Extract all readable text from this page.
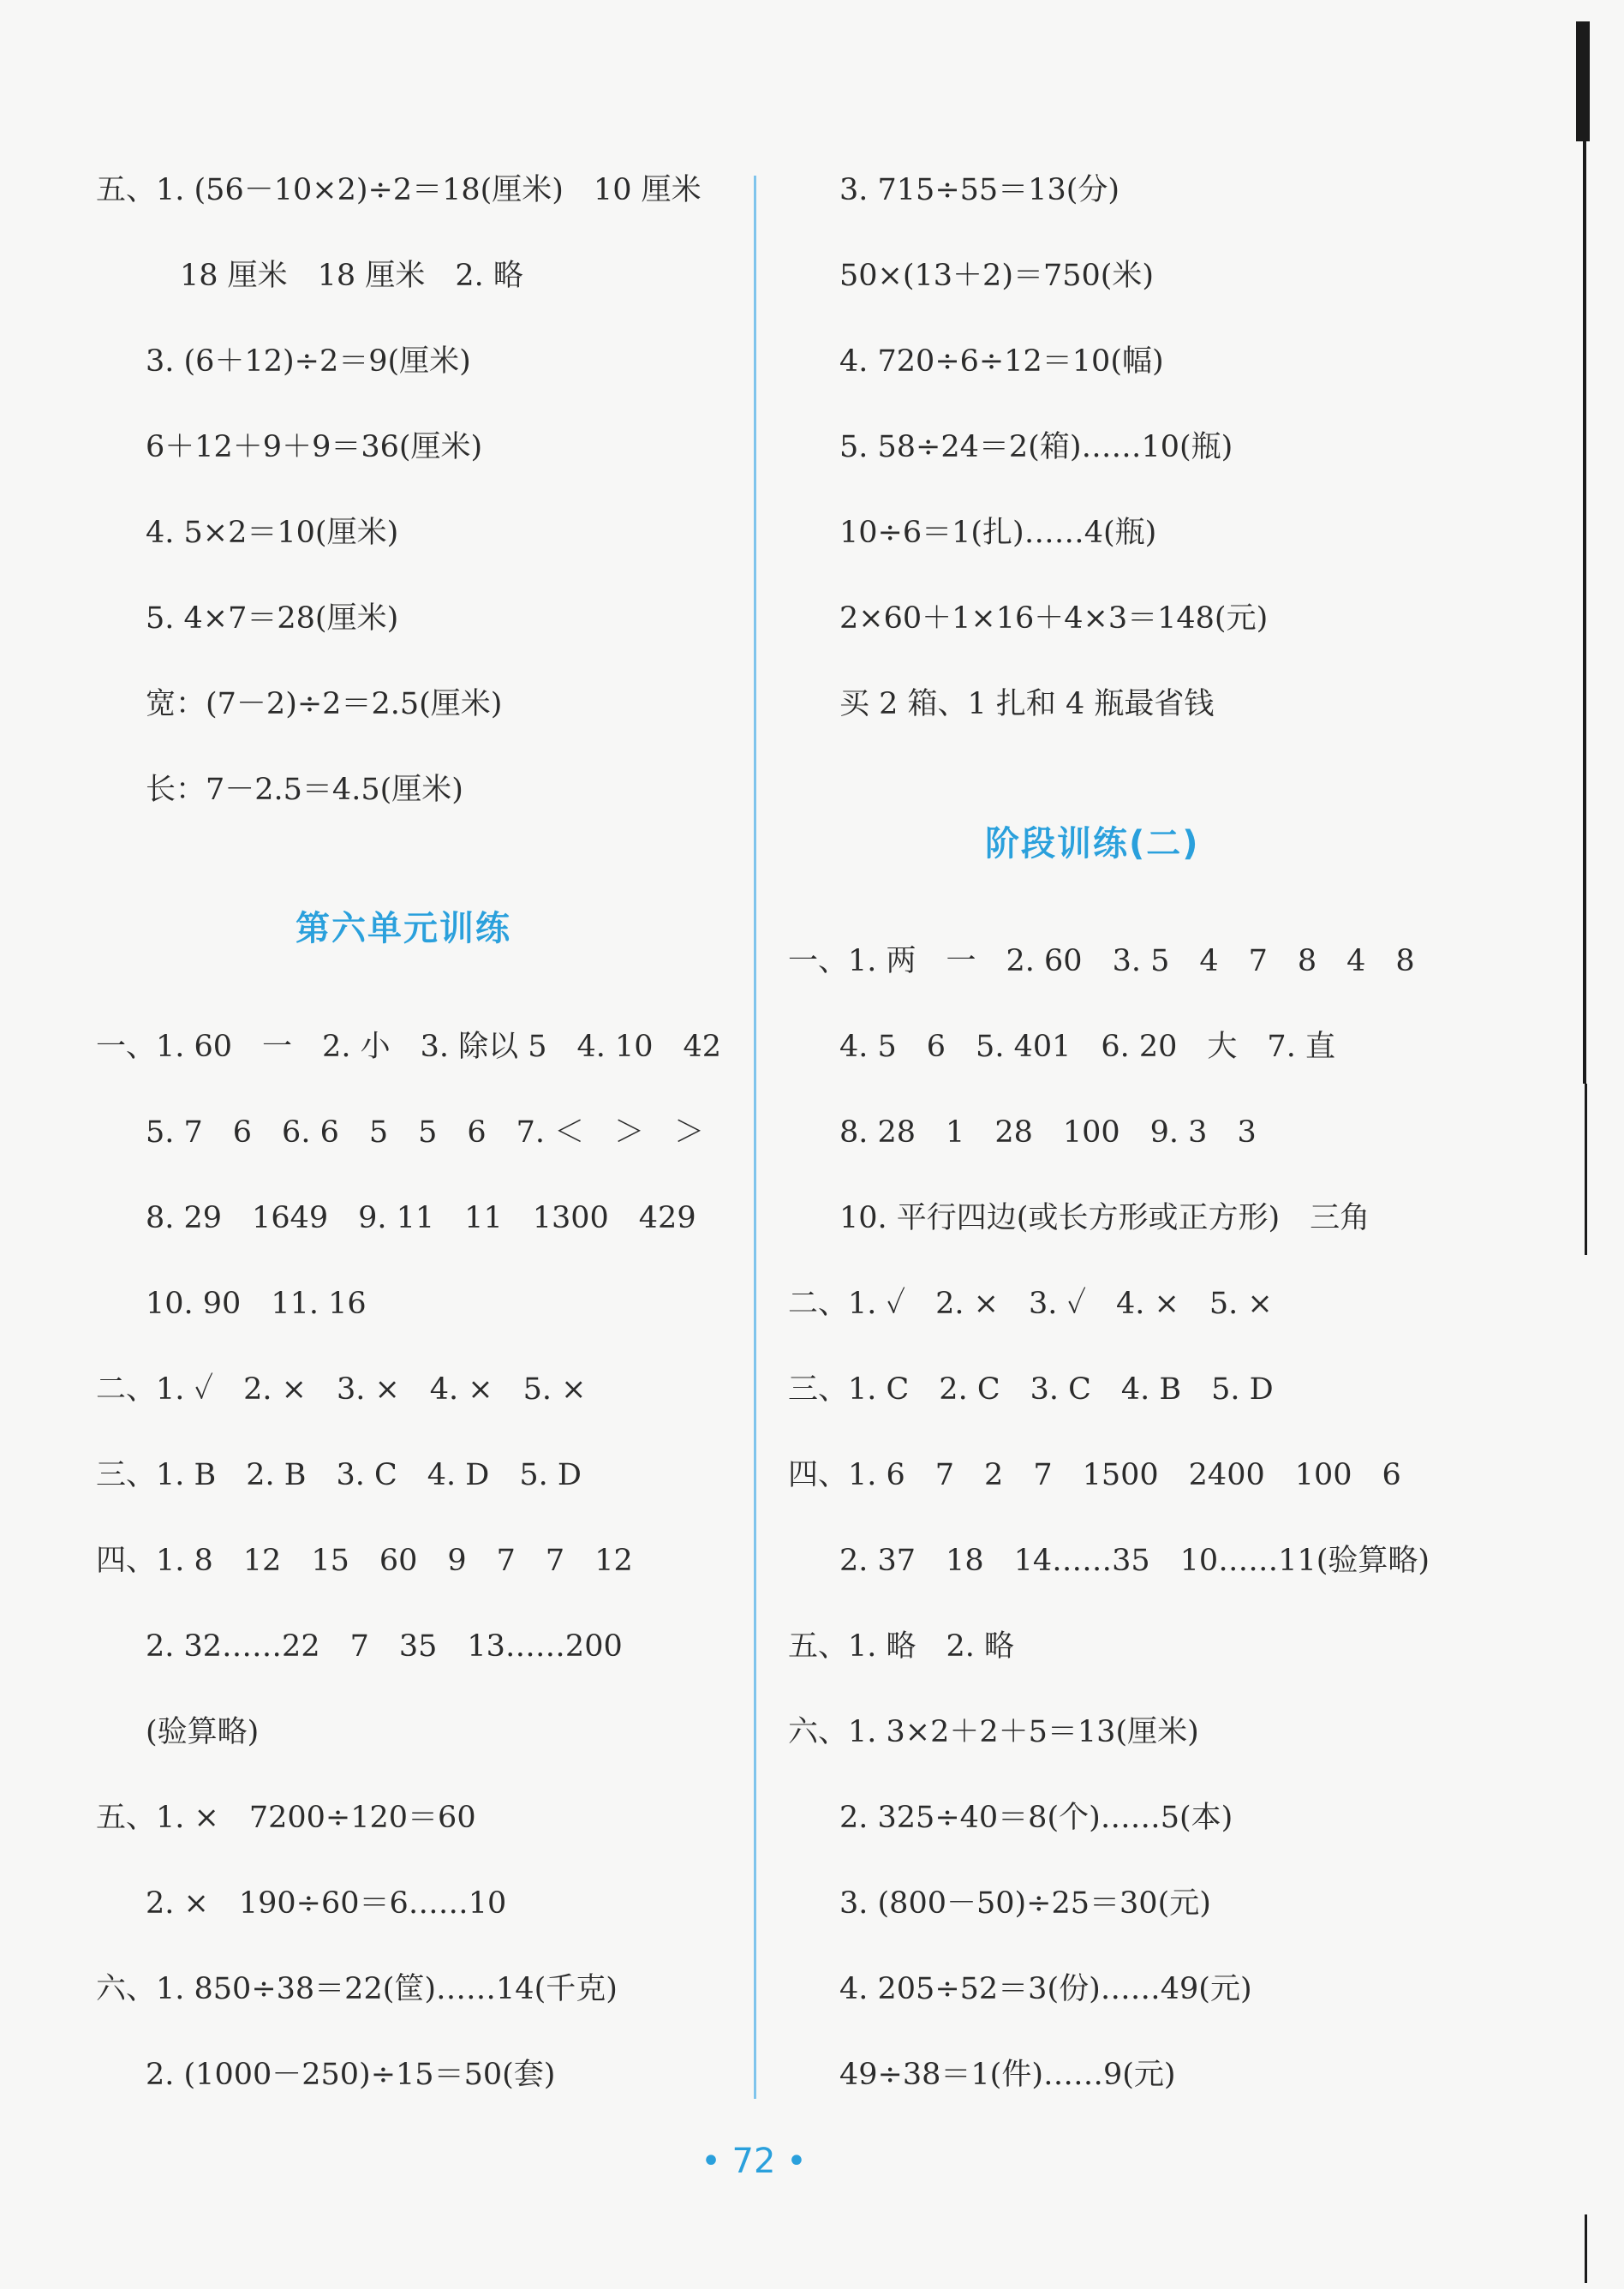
五、1. (56－10×2)÷2＝18(厘米)　10 厘米
18 厘米　18 厘米　2. 略
3. (6＋12)÷2＝9(厘米)
6＋12＋9＋9＝36(厘米)
4. 5×2＝10(厘米)
5. 4×7＝28(厘米)
宽：(7－2)÷2＝2.5(厘米)
长：7－2.5＝4.5(厘米)
第六单元训练
一、1. 60　一　2. 小　3. 除以 5　4. 10　42
5. 7　6　6. 6　5　5　6　7. ＜　＞　＞
8. 29　1649　9. 11　11　1300　429
10. 90　11. 16
二、1. ✓　2. ×　3. ×　4. ×　5. ×
三、1. B　2. B　3. C　4. D　5. D
四、1. 8　12　15　60　9　7　7　12
2. 32……22　7　35　13……200
(验算略)
五、1. ×　7200÷120＝60
2. ×　190÷60＝6……10
六、1. 850÷38＝22(筐)……14(千克)
2. (1000－250)÷15＝50(套)
3. 715÷55＝13(分)
50×(13＋2)＝750(米)
4. 720÷6÷12＝10(幅)
5. 58÷24＝2(箱)……10(瓶)
10÷6＝1(扎)……4(瓶)
2×60＋1×16＋4×3＝148(元)
买 2 箱、1 扎和 4 瓶最省钱
阶段训练(二)
一、1. 两　一　2. 60　3. 5　4　7　8　4　8
4. 5　6　5. 401　6. 20　大　7. 直
8. 28　1　28　100　9. 3　3
10. 平行四边(或长方形或正方形)　三角
二、1. ✓　2. ×　3. ✓　4. ×　5. ×
三、1. C　2. C　3. C　4. B　5. D
四、1. 6　7　2　7　1500　2400　100　6
2. 37　18　14……35　10……11(验算略)
五、1. 略　2. 略
六、1. 3×2＋2＋5＝13(厘米)
2. 325÷40＝8(个)……5(本)
3. (800－50)÷25＝30(元)
4. 205÷52＝3(份)……49(元)
49÷38＝1(件)……9(元)
• 72 •
